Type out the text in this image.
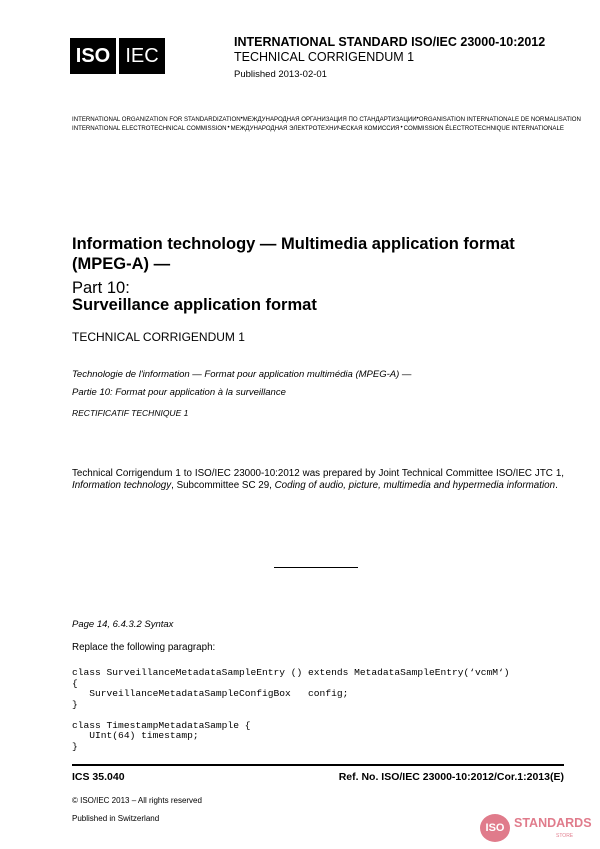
ISO IEC
INTERNATIONAL STANDARD ISO/IEC 23000-10:2012
TECHNICAL CORRIGENDUM 1
Published 2013-02-01
INTERNATIONAL ORGANIZATION FOR STANDARDIZATION • МЕЖДУНАРОДНАЯ ОРГАНИЗАЦИЯ ПО СТАНДАРТИЗАЦИИ • ORGANISATION INTERNATIONALE DE NORMALISATION
INTERNATIONAL ELECTROTECHNICAL COMMISSION • МЕЖДУНАРОДНАЯ ЭЛЕКТРОТЕХНИЧЕСКАЯ КОМИССИЯ • COMMISSION ÉLECTROTECHNIQUE INTERNATIONALE
Information technology — Multimedia application format
(MPEG-A) —
Part 10:
Surveillance application format
TECHNICAL CORRIGENDUM 1
Technologie de l'information — Format pour application multimédia (MPEG-A) —
Partie 10: Format pour application à la surveillance
RECTIFICATIF TECHNIQUE 1
Technical Corrigendum 1 to ISO/IEC 23000-10:2012 was prepared by Joint Technical Committee ISO/IEC JTC 1, Information technology, Subcommittee SC 29, Coding of audio, picture, multimedia and hypermedia information.
Page 14, 6.4.3.2 Syntax
Replace the following paragraph:
class SurveillanceMetadataSampleEntry () extends MetadataSampleEntry(‘vcmM‘)
{
SurveillanceMetadataSampleConfigBox   config;
}
class TimestampMetadataSample {
UInt(64) timestamp;
}
ICS 35.040	Ref. No. ISO/IEC 23000-10:2012/Cor.1:2013(E)
© ISO/IEC 2013 – All rights reserved
Published in Switzerland
ISO STANDARDS
STORE
